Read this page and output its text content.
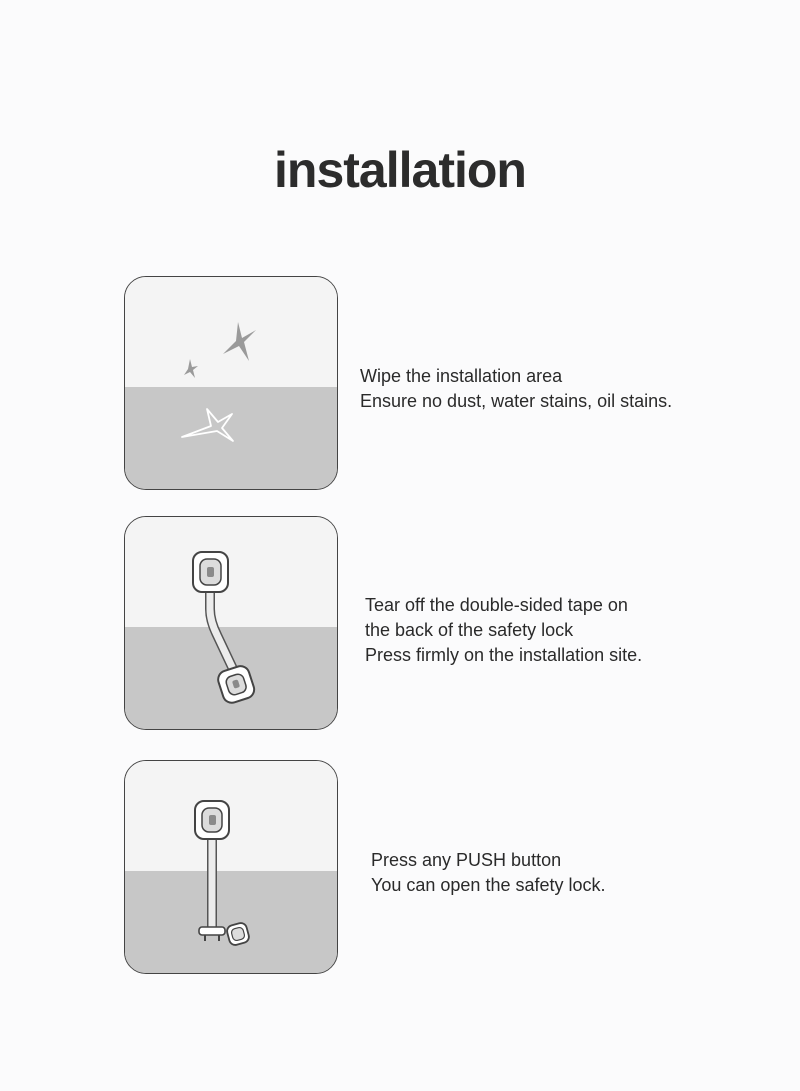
installation
Wipe the installation area
Ensure no dust, water stains, oil stains.
Tear off the double-sided tape on
the back of the safety lock
Press firmly on the installation site.
Press any PUSH button
You can open the safety lock.
